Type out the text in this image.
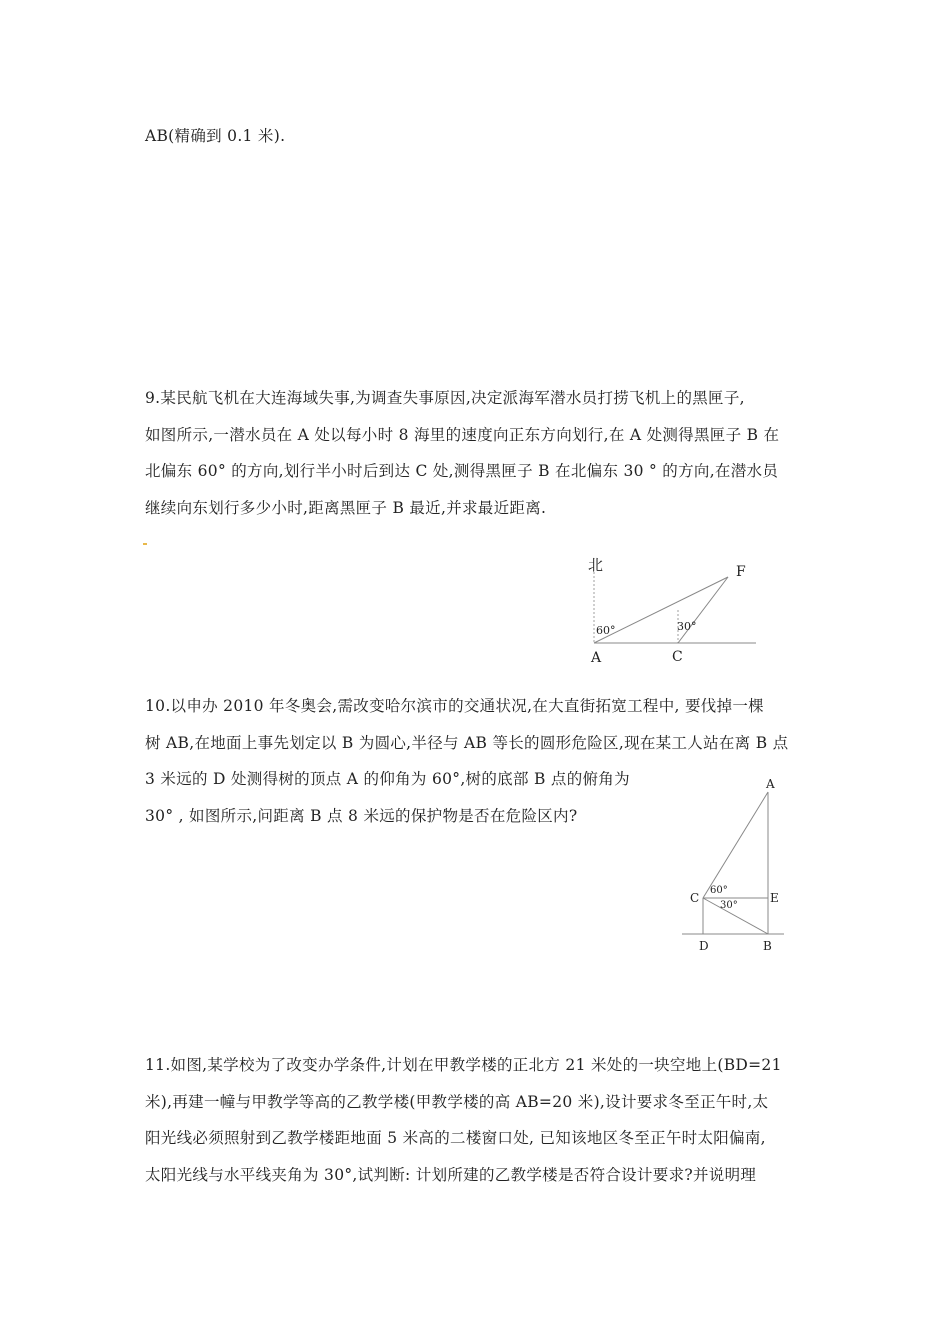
AB(精确到 0.1 米).
9.某民航飞机在大连海域失事,为调查失事原因,决定派海军潜水员打捞飞机上的黑匣子,
如图所示,一潜水员在 A 处以每小时 8 海里的速度向正东方向划行,在 A 处测得黑匣子 B 在
北偏东 60° 的方向,划行半小时后到达 C 处,测得黑匣子 B 在北偏东 30 ° 的方向,在潜水员
继续向东划行多少小时,距离黑匣子 B 最近,并求最近距离.
北	F
60°	30°
A	C
10.以申办 2010 年冬奥会,需改变哈尔滨市的交通状况,在大直街拓宽工程中, 要伐掉一棵
树 AB,在地面上事先划定以 B 为圆心,半径与 AB 等长的圆形危险区,现在某工人站在离 B 点
3 米远的 D 处测得树的顶点 A 的仰角为 60°,树的底部 B 点的俯角为
30° , 如图所示,问距离 B 点 8 米远的保护物是否在危险区内?
A
C	E
60°
30°
D	B
11.如图,某学校为了改变办学条件,计划在甲教学楼的正北方 21 米处的一块空地上(BD=21
米),再建一幢与甲教学等高的乙教学楼(甲教学楼的高 AB=20 米),设计要求冬至正午时,太
阳光线必须照射到乙教学楼距地面 5 米高的二楼窗口处, 已知该地区冬至正午时太阳偏南,
太阳光线与水平线夹角为 30°,试判断: 计划所建的乙教学楼是否符合设计要求?并说明理
